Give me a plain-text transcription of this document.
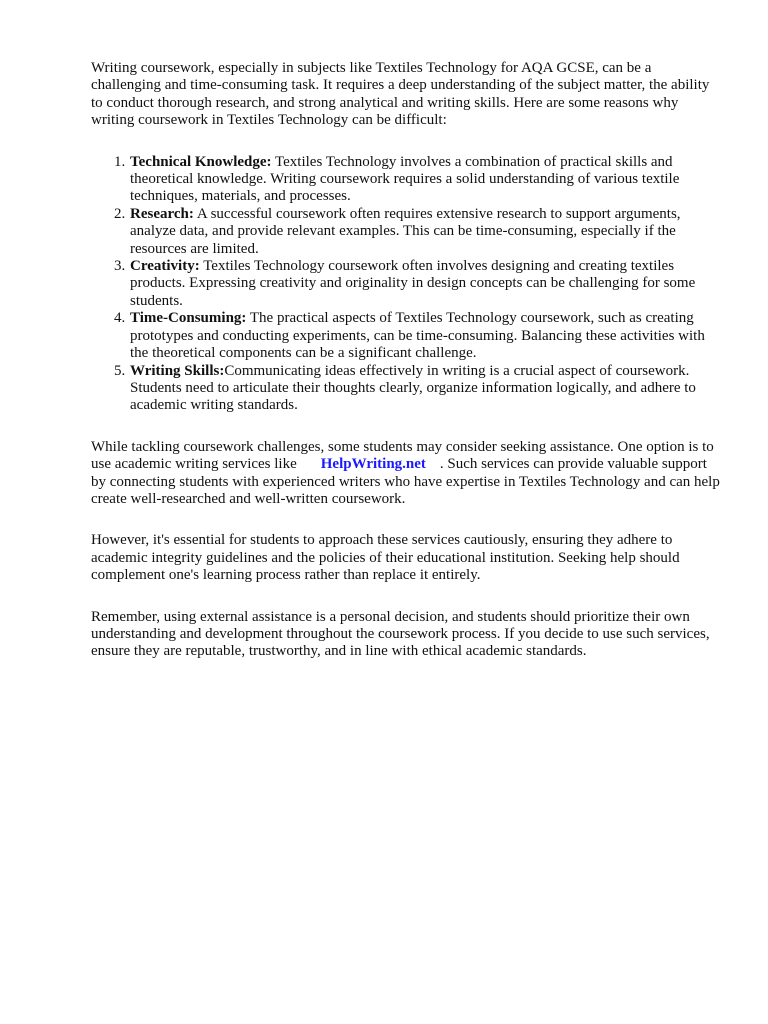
Writing coursework, especially in subjects like Textiles Technology for AQA GCSE, can be a challenging and time-consuming task. It requires a deep understanding of the subject matter, the ability to conduct thorough research, and strong analytical and writing skills. Here are some reasons why writing coursework in Textiles Technology can be difficult:

1. Technical Knowledge: Textiles Technology involves a combination of practical skills and theoretical knowledge. Writing coursework requires a solid understanding of various textile techniques, materials, and processes.
2. Research: A successful coursework often requires extensive research to support arguments, analyze data, and provide relevant examples. This can be time-consuming, especially if the resources are limited.
3. Creativity: Textiles Technology coursework often involves designing and creating textiles products. Expressing creativity and originality in design concepts can be challenging for some students.
4. Time-Consuming: The practical aspects of Textiles Technology coursework, such as creating prototypes and conducting experiments, can be time-consuming. Balancing these activities with the theoretical components can be a significant challenge.
5. Writing Skills:Communicating ideas effectively in writing is a crucial aspect of coursework. Students need to articulate their thoughts clearly, organize information logically, and adhere to academic writing standards.

While tackling coursework challenges, some students may consider seeking assistance. One option is to use academic writing services like HelpWriting.net . Such services can provide valuable support by connecting students with experienced writers who have expertise in Textiles Technology and can help create well-researched and well-written coursework.

However, it's essential for students to approach these services cautiously, ensuring they adhere to academic integrity guidelines and the policies of their educational institution. Seeking help should complement one's learning process rather than replace it entirely.

Remember, using external assistance is a personal decision, and students should prioritize their own understanding and development throughout the coursework process. If you decide to use such services, ensure they are reputable, trustworthy, and in line with ethical academic standards.
